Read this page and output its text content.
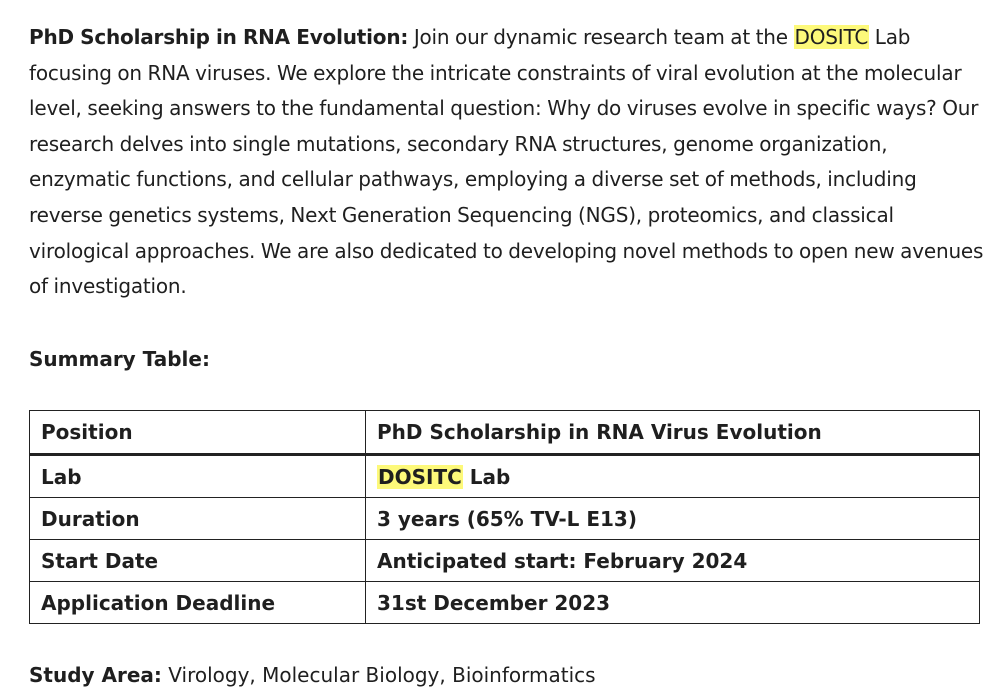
PhD Scholarship in RNA Evolution: Join our dynamic research team at the DOSITC Lab focusing on RNA viruses. We explore the intricate constraints of viral evolution at the molecular level, seeking answers to the fundamental question: Why do viruses evolve in specific ways? Our research delves into single mutations, secondary RNA structures, genome organization, enzymatic functions, and cellular pathways, employing a diverse set of methods, including reverse genetics systems, Next Generation Sequencing (NGS), proteomics, and classical virological approaches. We are also dedicated to developing novel methods to open new avenues of investigation.

Summary Table:
Position	PhD Scholarship in RNA Virus Evolution
Lab	DOSITC Lab
Duration	3 years (65% TV-L E13)
Start Date	Anticipated start: February 2024
Application Deadline	31st December 2023

Study Area: Virology, Molecular Biology, Bioinformatics
